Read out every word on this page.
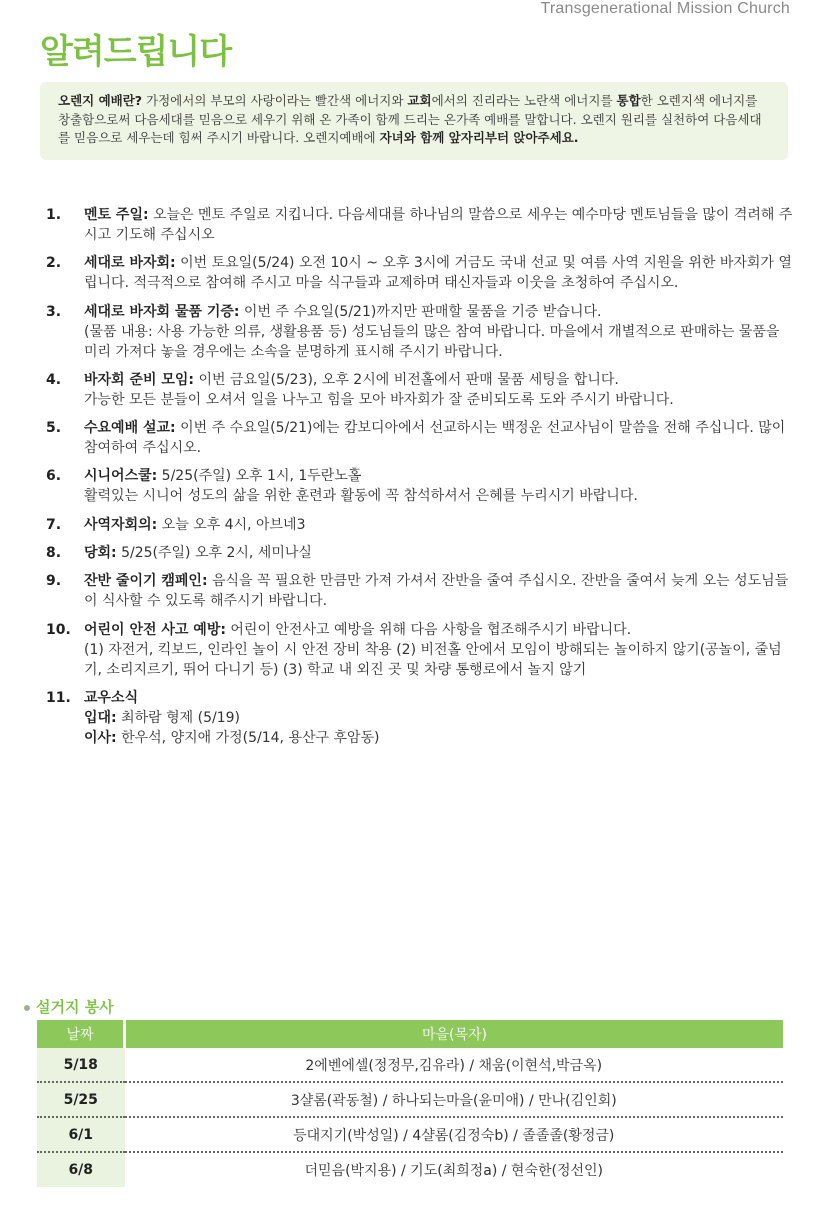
Transgenerational Mission Church
알려드립니다
오렌지 예배란? 가정에서의 부모의 사랑이라는 빨간색 에너지와 교회에서의 진리라는 노란색 에너지를 통합한 오렌지색 에너지를 창출함으로써 다음세대를 믿음으로 세우기 위해 온 가족이 함께 드리는 온가족 예배를 말합니다. 오렌지 원리를 실천하여 다음세대를 믿음으로 세우는데 힘써 주시기 바랍니다. 오렌지예배에 자녀와 함께 앞자리부터 앉아주세요.
1. 멘토 주일: 오늘은 멘토 주일로 지킵니다. 다음세대를 하나님의 말씀으로 세우는 예수마당 멘토님들을 많이 격려해 주시고 기도해 주십시오
2. 세대로 바자회: 이번 토요일(5/24) 오전 10시 ~ 오후 3시에 거금도 국내 선교 및 여름 사역 지원을 위한 바자회가 열립니다. 적극적으로 참여해 주시고 마을 식구들과 교제하며 태신자들과 이웃을 초청하여 주십시오.
3. 세대로 바자회 물품 기증: 이번 주 수요일(5/21)까지만 판매할 물품을 기증 받습니다.
(물품 내용: 사용 가능한 의류, 생활용품 등) 성도님들의 많은 참여 바랍니다. 마을에서 개별적으로 판매하는 물품을 미리 가져다 놓을 경우에는 소속을 분명하게 표시해 주시기 바랍니다.
4. 바자회 준비 모임: 이번 금요일(5/23), 오후 2시에 비전홀에서 판매 물품 세팅을 합니다.
가능한 모든 분들이 오셔서 일을 나누고 힘을 모아 바자회가 잘 준비되도록 도와 주시기 바랍니다.
5. 수요예배 설교: 이번 주 수요일(5/21)에는 캄보디아에서 선교하시는 백정운 선교사님이 말씀을 전해 주십니다. 많이 참여하여 주십시오.
6. 시니어스쿨: 5/25(주일) 오후 1시, 1두란노홀
활력있는 시니어 성도의 삶을 위한 훈련과 활동에 꼭 참석하셔서 은혜를 누리시기 바랍니다.
7. 사역자회의: 오늘 오후 4시, 아브네3
8. 당회: 5/25(주일) 오후 2시, 세미나실
9. 잔반 줄이기 캠페인: 음식을 꼭 필요한 만큼만 가져 가셔서 잔반을 줄여 주십시오. 잔반을 줄여서 늦게 오는 성도님들이 식사할 수 있도록 해주시기 바랍니다.
10. 어린이 안전 사고 예방: 어린이 안전사고 예방을 위해 다음 사항을 협조해주시기 바랍니다.
(1) 자전거, 킥보드, 인라인 놀이 시 안전 장비 착용 (2) 비전홀 안에서 모임이 방해되는 놀이하지 않기(공놀이, 줄넘기, 소리지르기, 뛰어 다니기 등) (3) 학교 내 외진 곳 및 차량 통행로에서 놀지 않기
11. 교우소식
입대: 최하람 형제 (5/19)
이사: 한우석, 양지애 가정(5/14, 용산구 후암동)
설거지 봉사
날짜	마을(목자)
5/18	2에벤에셀(정정무,김유라) / 채움(이현석,박금옥)
5/25	3샬롬(곽동철) / 하나되는마을(윤미애) / 만나(김인회)
6/1	등대지기(박성일) / 4샬롬(김정숙b) / 졸졸졸(황정금)
6/8	더믿음(박지용) / 기도(최희정a) / 현숙한(정선인)
